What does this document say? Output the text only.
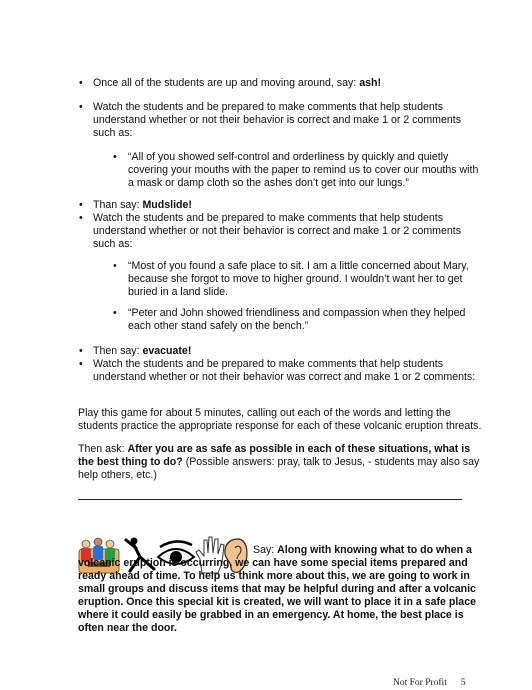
• Once all of the students are up and moving around, say: ash!
• Watch the students and be prepared to make comments that help students understand whether or not their behavior is correct and make 1 or 2 comments such as:
• “All of you showed self-control and orderliness by quickly and quietly covering your mouths with the paper to remind us to cover our mouths with a mask or damp cloth so the ashes don’t get into our lungs.”
• Than say: Mudslide!
• Watch the students and be prepared to make comments that help students understand whether or not their behavior is correct and make 1 or 2 comments such as:
• “Most of you found a safe place to sit. I am a little concerned about Mary, because she forgot to move to higher ground. I wouldn’t want her to get buried in a land slide.
• “Peter and John showed friendliness and compassion when they helped each other stand safely on the bench.”
• Then say: evacuate!
• Watch the students and be prepared to make comments that help students understand whether or not their behavior was correct and make 1 or 2 comments:
Play this game for about 5 minutes, calling out each of the words and letting the students practice the appropriate response for each of these volcanic eruption threats.
Then ask: After you are as safe as possible in each of these situations, what is the best thing to do? (Possible answers: pray, talk to Jesus, - students may also say help others, etc.)
Say: Along with knowing what to do when a volcanic eruption is occurring, we can have some special items prepared and ready ahead of time. To help us think more about this, we are going to work in small groups and discuss items that may be helpful during and after a volcanic eruption. Once this special kit is created, we will want to place it in a safe place where it could easily be grabbed in an emergency. At home, the best place is often near the door.
Not For Profit 5
